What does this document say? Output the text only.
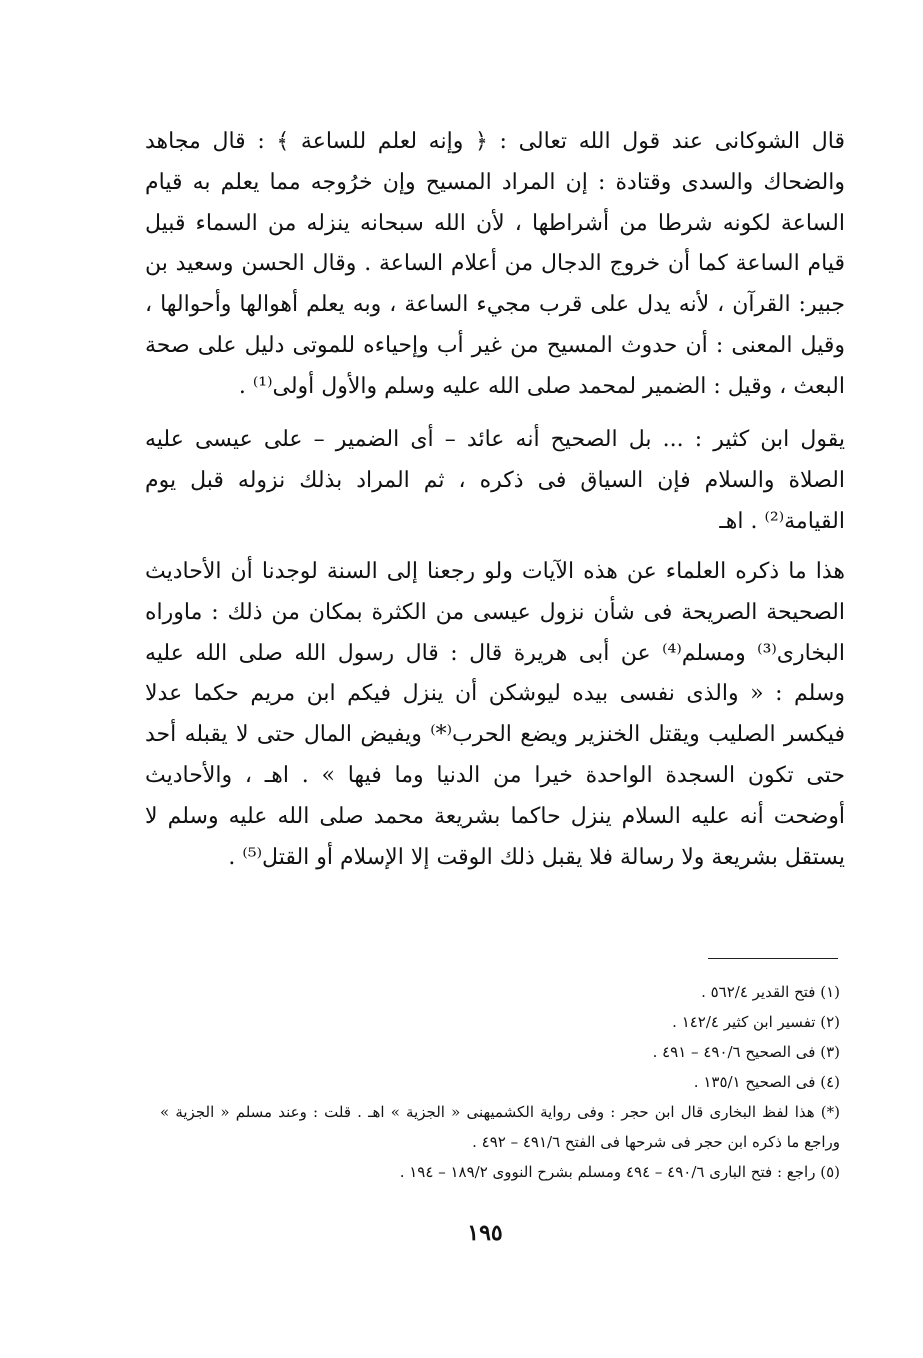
قال الشوكانى عند قول الله تعالى : ﴿ وإنه لعلم للساعة ﴾ : قال مجاهد والضحاك والسدى وقتادة : إن المراد المسيح وإن خرُوجه مما يعلم به قيام الساعة لكونه شرطا من أشراطها ، لأن الله سبحانه ينزله من السماء قبيل قيام الساعة كما أن خروج الدجال من أعلام الساعة . وقال الحسن وسعيد بن جبير: القرآن ، لأنه يدل على قرب مجيء الساعة ، وبه يعلم أهوالها وأحوالها ، وقيل المعنى : أن حدوث المسيح من غير أب وإحياءه للموتى دليل على صحة البعث ، وقيل : الضمير لمحمد صلى الله عليه وسلم والأول أولى⁽¹⁾ .

يقول ابن كثير : ... بل الصحيح أنه عائد – أى الضمير – على عيسى عليه الصلاة والسلام فإن السياق فى ذكره ، ثم المراد بذلك نزوله قبل يوم القيامة⁽²⁾ . اهـ

هذا ما ذكره العلماء عن هذه الآيات ولو رجعنا إلى السنة لوجدنا أن الأحاديث الصحيحة الصريحة فى شأن نزول عيسى من الكثرة بمكان من ذلك : ماوراه البخارى⁽³⁾ ومسلم⁽⁴⁾ عن أبى هريرة قال : قال رسول الله صلى الله عليه وسلم : « والذى نفسى بيده ليوشكن أن ينزل فيكم ابن مريم حكما عدلا فيكسر الصليب ويقتل الخنزير ويضع الحرب⁽*⁾ ويفيض المال حتى لا يقبله أحد حتى تكون السجدة الواحدة خيرا من الدنيا وما فيها » . اهـ ، والأحاديث أوضحت أنه عليه السلام ينزل حاكما بشريعة محمد صلى الله عليه وسلم لا يستقل بشريعة ولا رسالة فلا يقبل ذلك الوقت إلا الإسلام أو القتل⁽⁵⁾ .

(١) فتح القدير ٥٦٢/٤ .
(٢) تفسير ابن كثير ١٤٢/٤ .
(٣) فى الصحيح ٤٩٠/٦ – ٤٩١ .
(٤) فى الصحيح ١٣٥/١ .
(*) هذا لفظ البخارى قال ابن حجر : وفى رواية الكشميهنى « الجزية » اهـ . قلت : وعند مسلم « الجزية » وراجع ما ذكره ابن حجر فى شرحها فى الفتح ٤٩١/٦ – ٤٩٢ .
(٥) راجع : فتح البارى ٤٩٠/٦ – ٤٩٤ ومسلم بشرح النووى ١٨٩/٢ – ١٩٤ .
١٩٥
